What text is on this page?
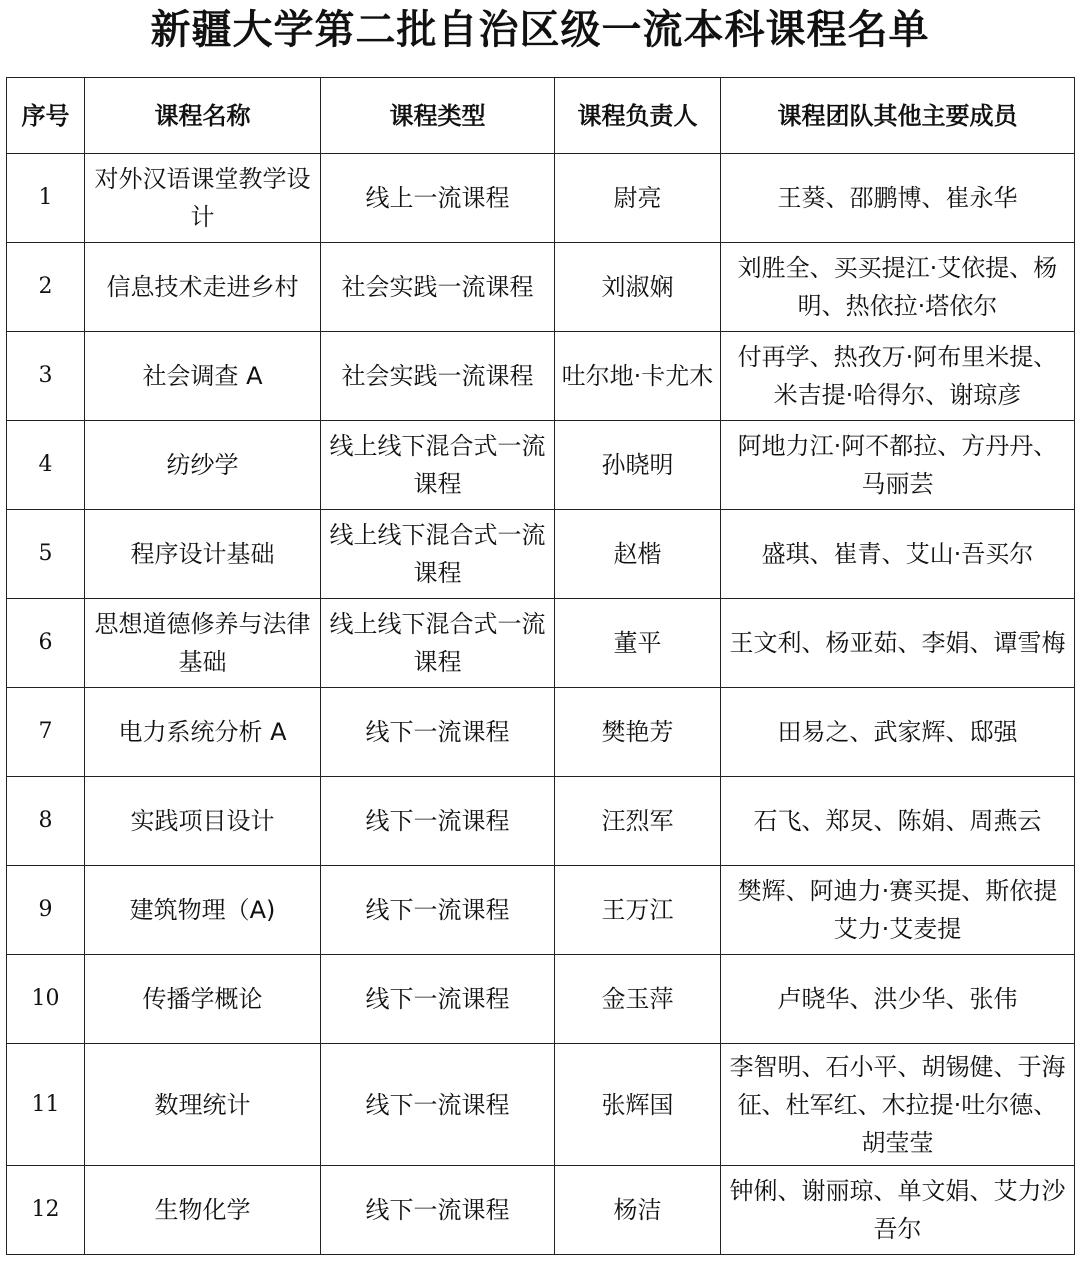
新疆大学第二批自治区级一流本科课程名单
序号	课程名称	课程类型	课程负责人	课程团队其他主要成员
1	对外汉语课堂教学设计	线上一流课程	尉亮	王葵、邵鹏博、崔永华
2	信息技术走进乡村	社会实践一流课程	刘淑娴	刘胜全、买买提江·艾依提、杨明、热依拉·塔依尔
3	社会调查 A	社会实践一流课程	吐尔地·卡尤木	付再学、热孜万·阿布里米提、米吉提·哈得尔、谢琼彦
4	纺纱学	线上线下混合式一流课程	孙晓明	阿地力江·阿不都拉、方丹丹、马丽芸
5	程序设计基础	线上线下混合式一流课程	赵楷	盛琪、崔青、艾山·吾买尔
6	思想道德修养与法律基础	线上线下混合式一流课程	董平	王文利、杨亚茹、李娟、谭雪梅
7	电力系统分析 A	线下一流课程	樊艳芳	田易之、武家辉、邸强
8	实践项目设计	线下一流课程	汪烈军	石飞、郑炅、陈娟、周燕云
9	建筑物理（A)	线下一流课程	王万江	樊辉、阿迪力·赛买提、斯依提艾力·艾麦提
10	传播学概论	线下一流课程	金玉萍	卢晓华、洪少华、张伟
11	数理统计	线下一流课程	张辉国	李智明、石小平、胡锡健、于海征、杜军红、木拉提·吐尔德、胡莹莹
12	生物化学	线下一流课程	杨洁	钟俐、谢丽琼、单文娟、艾力沙吾尔
